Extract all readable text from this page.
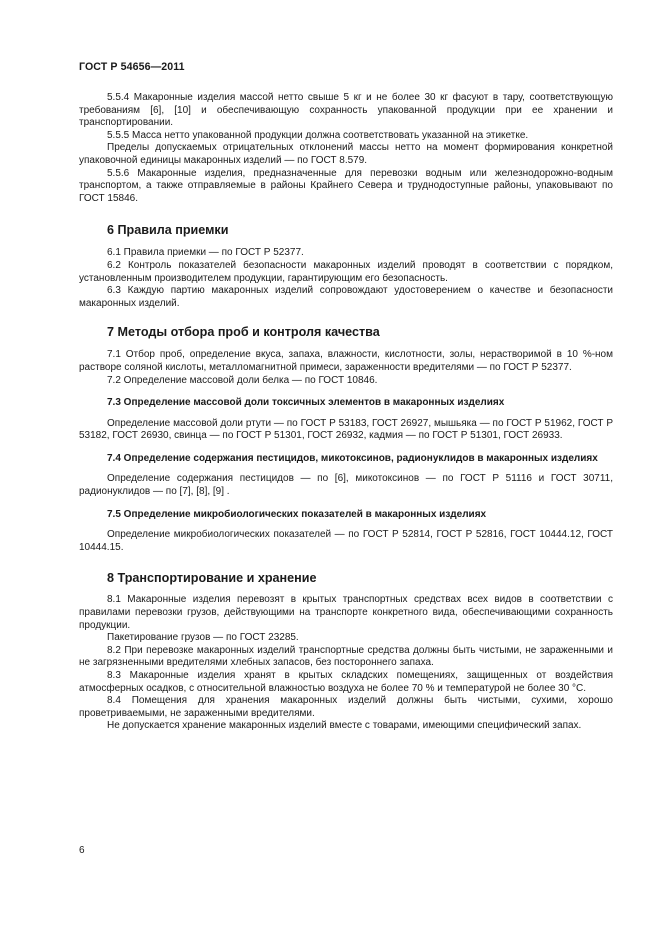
ГОСТ Р 54656—2011

5.5.4 Макаронные изделия массой нетто свыше 5 кг и не более 30 кг фасуют в тару, соответствующую требованиям [6], [10] и обеспечивающую сохранность упакованной продукции при ее хранении и транспортировании.

5.5.5 Масса нетто упакованной продукции должна соответствовать указанной на этикетке.

Пределы допускаемых отрицательных отклонений массы нетто на момент формирования конкретной упаковочной единицы макаронных изделий — по ГОСТ 8.579.

5.5.6 Макаронные изделия, предназначенные для перевозки водным или железнодорожно-водным транспортом, а также отправляемые в районы Крайнего Севера и труднодоступные районы, упаковывают по ГОСТ 15846.

6 Правила приемки

6.1 Правила приемки — по ГОСТ Р 52377.

6.2 Контроль показателей безопасности макаронных изделий проводят в соответствии с порядком, установленным производителем продукции, гарантирующим его безопасность.

6.3 Каждую партию макаронных изделий сопровождают удостоверением о качестве и безопасности макаронных изделий.

7 Методы отбора проб и контроля качества

7.1 Отбор проб, определение вкуса, запаха, влажности, кислотности, золы, нерастворимой в 10 %-ном растворе соляной кислоты, металломагнитной примеси, зараженности вредителями — по ГОСТ Р 52377.

7.2 Определение массовой доли белка — по ГОСТ 10846.

7.3 Определение массовой доли токсичных элементов в макаронных изделиях

Определение массовой доли ртути — по ГОСТ Р 53183, ГОСТ 26927, мышьяка — по ГОСТ Р 51962, ГОСТ Р 53182, ГОСТ 26930, свинца — по ГОСТ Р 51301, ГОСТ 26932, кадмия — по ГОСТ Р 51301, ГОСТ 26933.

7.4 Определение содержания пестицидов, микотоксинов, радионуклидов в макаронных изделиях

Определение содержания пестицидов — по [6], микотоксинов — по ГОСТ Р 51116 и ГОСТ 30711, радионуклидов — по [7], [8], [9] .

7.5 Определение микробиологических показателей в макаронных изделиях

Определение микробиологических показателей — по ГОСТ Р 52814, ГОСТ Р 52816, ГОСТ 10444.12, ГОСТ 10444.15.

8 Транспортирование и хранение

8.1 Макаронные изделия перевозят в крытых транспортных средствах всех видов в соответствии с правилами перевозки грузов, действующими на транспорте конкретного вида, обеспечивающими сохранность продукции.

Пакетирование грузов — по ГОСТ 23285.

8.2 При перевозке макаронных изделий транспортные средства должны быть чистыми, не зараженными и не загрязненными вредителями хлебных запасов, без постороннего запаха.

8.3 Макаронные изделия хранят в крытых складских помещениях, защищенных от воздействия атмосферных осадков, с относительной влажностью воздуха не более 70 % и температурой не более 30 °С.

8.4 Помещения для хранения макаронных изделий должны быть чистыми, сухими, хорошо проветриваемыми, не зараженными вредителями.

Не допускается хранение макаронных изделий вместе с товарами, имеющими специфический запах.

6
